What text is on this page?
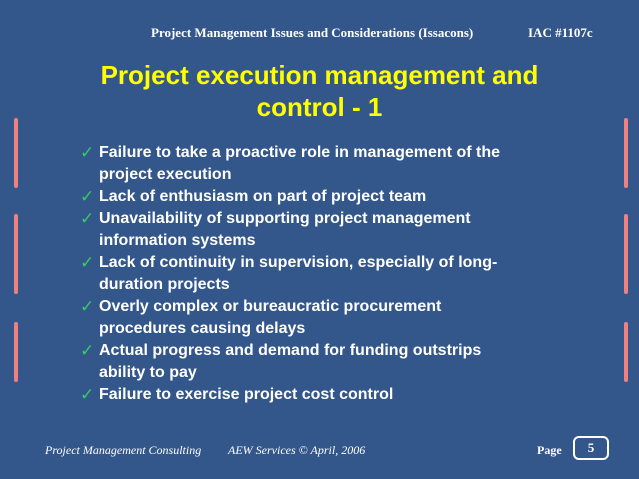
Project Management Issues and Considerations (Issacons)	IAC #1107c
Project execution management and
control - 1
✓ Failure to take a proactive role in management of the
project execution
✓ Lack of enthusiasm on part of project team
✓ Unavailability of supporting project management
information systems
✓ Lack of continuity in supervision, especially of long-
duration projects
✓ Overly complex or bureaucratic procurement
procedures causing delays
✓ Actual progress and demand for funding outstrips
ability to pay
✓ Failure to exercise project cost control
Project Management Consulting AEW Services © April, 2006	Page	5
